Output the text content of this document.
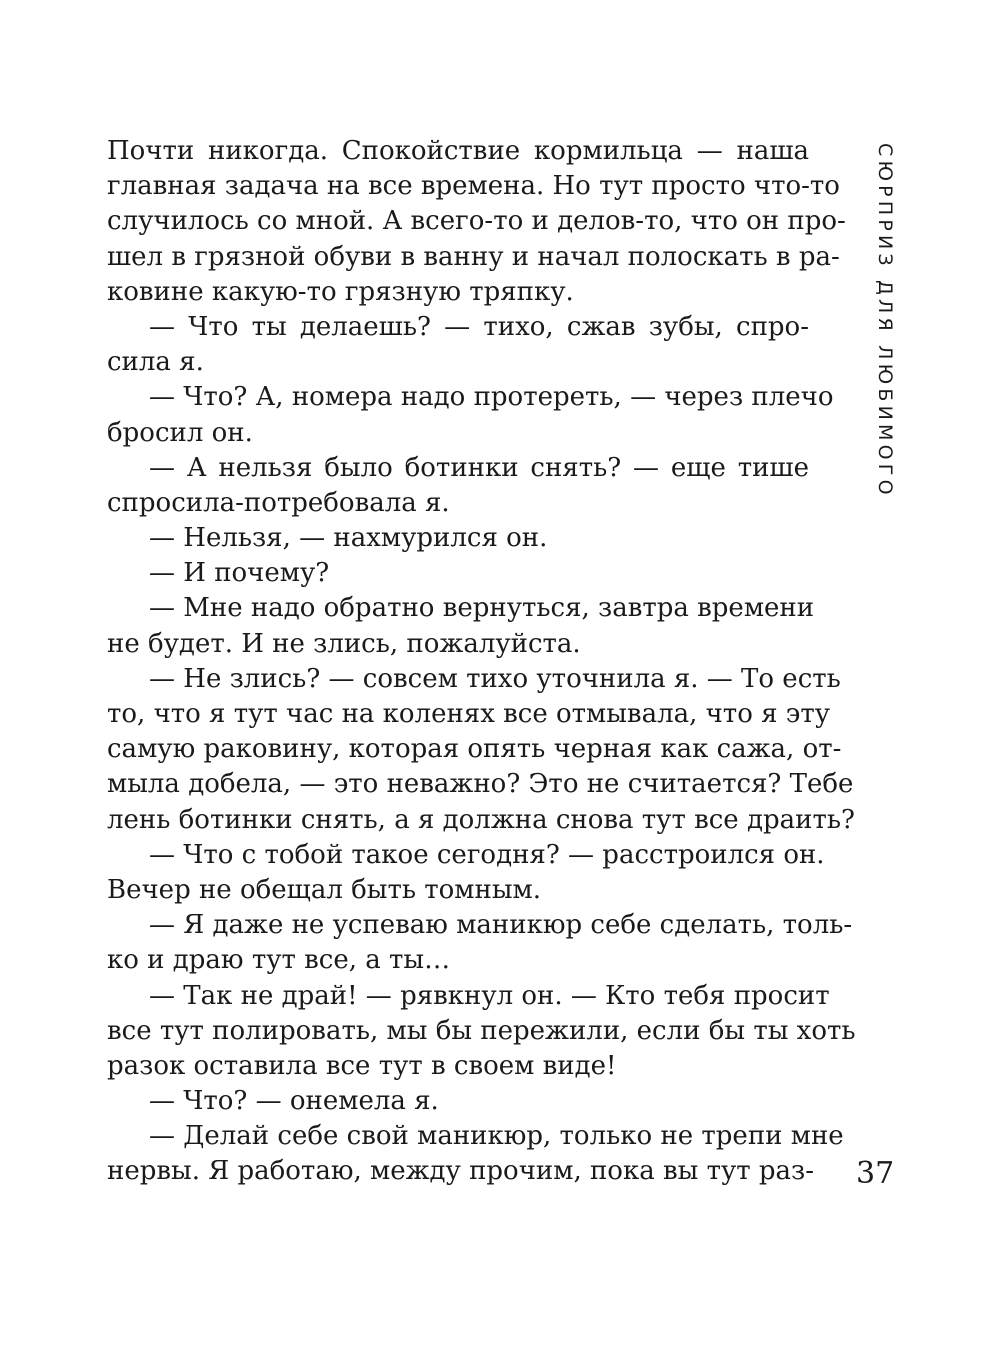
Почти никогда. Спокойствие кормильца — наша
главная задача на все времена. Но тут просто что-то
случилось со мной. А всего-то и делов-то, что он про-
шел в грязной обуви в ванну и начал полоскать в ра-
ковине какую-то грязную тряпку.
— Что ты делаешь? — тихо, сжав зубы, спро-
сила я.
— Что? А, номера надо протереть, — через плечо
бросил он.
— А нельзя было ботинки снять? — еще тише
спросила-потребовала я.
— Нельзя, — нахмурился он.
— И почему?
— Мне надо обратно вернуться, завтра времени
не будет. И не злись, пожалуйста.
— Не злись? — совсем тихо уточнила я. — То есть
то, что я тут час на коленях все отмывала, что я эту
самую раковину, которая опять черная как сажа, от-
мыла добела, — это неважно? Это не считается? Тебе
лень ботинки снять, а я должна снова тут все драить?
— Что с тобой такое сегодня? — расстроился он.
Вечер не обещал быть томным.
— Я даже не успеваю маникюр себе сделать, толь-
ко и драю тут все, а ты…
— Так не драй! — рявкнул он. — Кто тебя просит
все тут полировать, мы бы пережили, если бы ты хоть
разок оставила все тут в своем виде!
— Что? — онемела я.
— Делай себе свой маникюр, только не трепи мне
нервы. Я работаю, между прочим, пока вы тут раз-
СЮРПРИЗ ДЛЯ ЛЮБИМОГО
37
